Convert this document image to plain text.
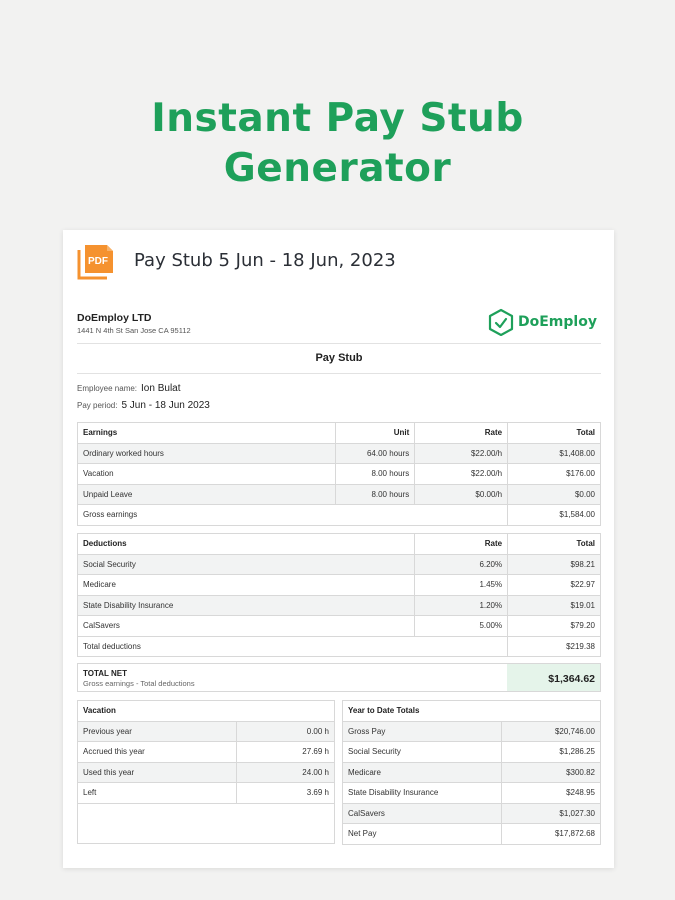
Instant Pay Stub
Generator
PDF Pay Stub 5 Jun - 18 Jun, 2023
DoEmploy LTD
1441 N 4th St San Jose CA 95112
DoEmploy
Pay Stub
Employee name: Ion Bulat
Pay period: 5 Jun - 18 Jun 2023
Earnings	Unit	Rate	Total
Ordinary worked hours	64.00 hours	$22.00/h	$1,408.00
Vacation	8.00 hours	$22.00/h	$176.00
Unpaid Leave	8.00 hours	$0.00/h	$0.00
Gross earnings			$1,584.00
Deductions	Rate	Total
Social Security	6.20%	$98.21
Medicare	1.45%	$22.97
State Disability Insurance	1.20%	$19.01
CalSavers	5.00%	$79.20
Total deductions		$219.38
TOTAL NET
Gross earnings - Total deductions	$1,364.62
Vacation	
Previous year	0.00 h
Accrued this year	27.69 h
Used this year	24.00 h
Left	3.69 h

Year to Date Totals	
Gross Pay	$20,746.00
Social Security	$1,286.25
Medicare	$300.82
State Disability Insurance	$248.95
CalSavers	$1,027.30
Net Pay	$17,872.68
